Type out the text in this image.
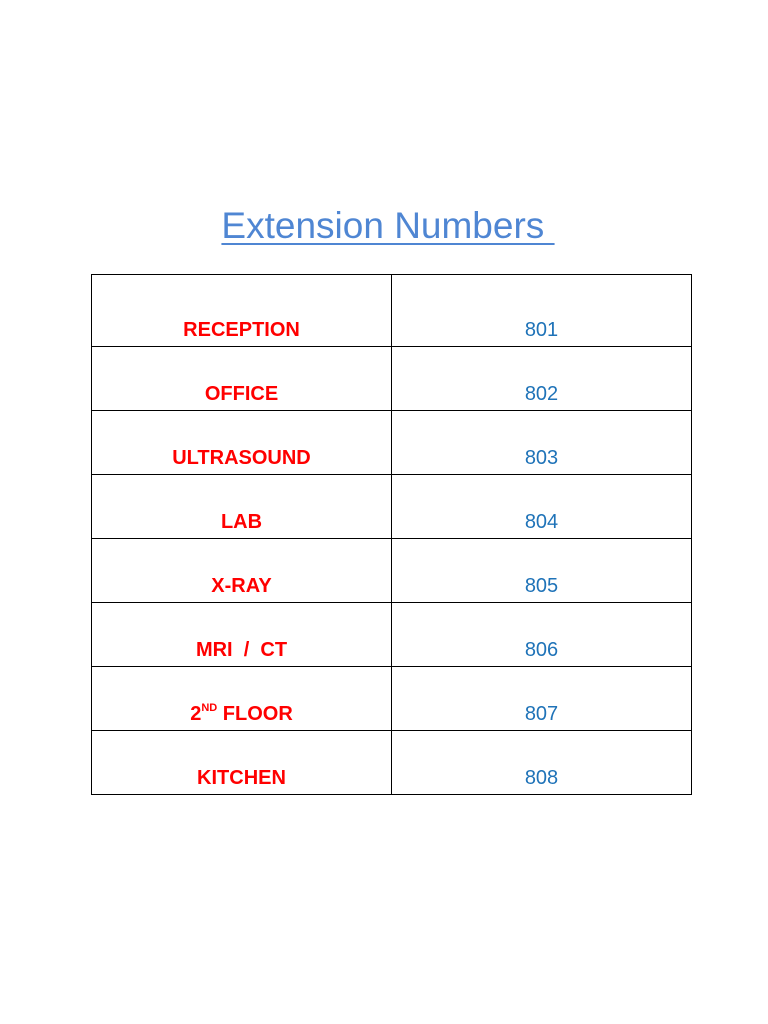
Extension Numbers
RECEPTION	801
OFFICE	802
ULTRASOUND	803
LAB	804
X-RAY	805
MRI  /  CT	806
2ND FLOOR	807
KITCHEN	808
